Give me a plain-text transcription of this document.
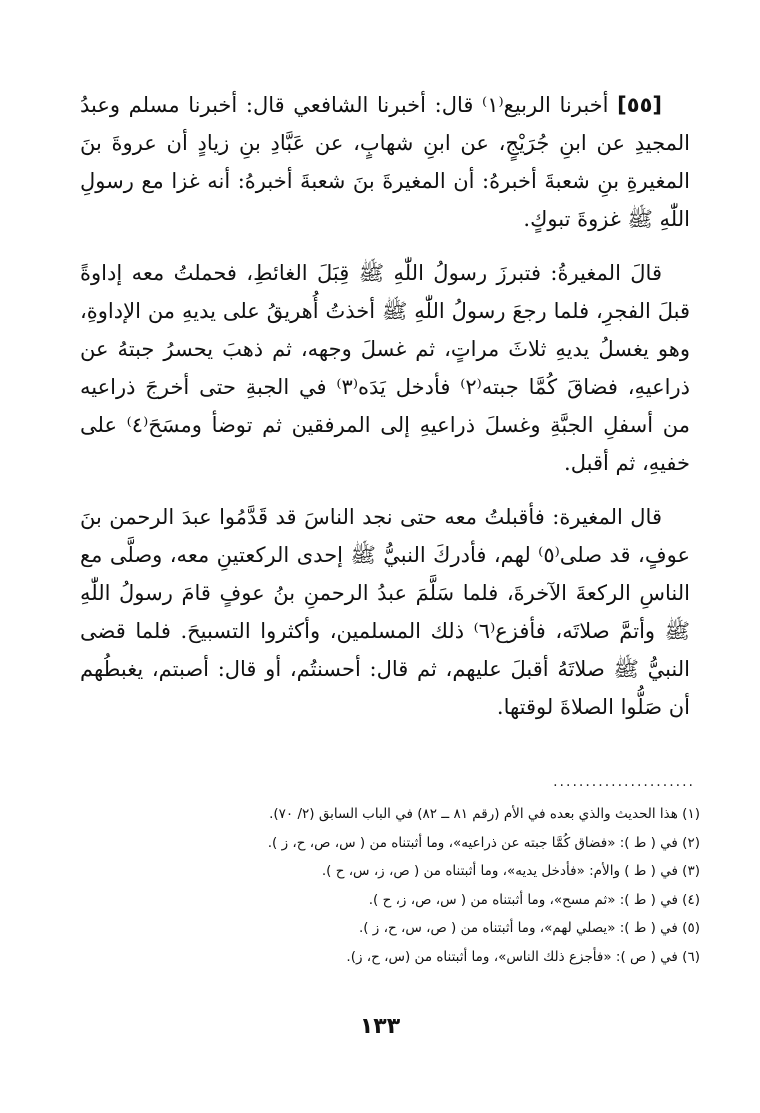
[٥٥] أخبرنا الربيع⁽١⁾ قال: أخبرنا الشافعي قال: أخبرنا مسلم وعبدُ المجيدِ عن ابنِ جُرَيْجٍ، عن ابنِ شهابٍ، عن عَبَّادِ بنِ زيادٍ أن عروةَ بنَ المغيرةِ بنِ شعبةَ أخبرهُ: أن المغيرةَ بنَ شعبةَ أخبرهُ: أنه غزا مع رسولِ اللّٰهِ ﷺ غزوةَ تبوكٍ.

قالَ المغيرةُ: فتبرزَ رسولُ اللّٰهِ ﷺ قِبَلَ الغائطِ، فحملتُ معه إداوةً قبلَ الفجرِ، فلما رجعَ رسولُ اللّٰهِ ﷺ أخذتُ أُهريقُ على يديهِ من الإداوةِ، وهو يغسلُ يديهِ ثلاثَ مراتٍ، ثم غسلَ وجهه، ثم ذهبَ يحسرُ جبتهُ عن ذراعيهِ، فضاقَ كُمَّا جبته⁽٢⁾ فأدخل يَدَه⁽٣⁾ في الجبةِ حتى أخرجَ ذراعيه من أسفلِ الجبَّةِ وغسلَ ذراعيهِ إلى المرفقين ثم توضأ ومسَحَ⁽٤⁾ على خفيهِ، ثم أقبل.

قال المغيرة: فأقبلتُ معه حتى نجد الناسَ قد قَدَّمُوا عبدَ الرحمن بنَ عوفٍ، قد صلى⁽٥⁾ لهم، فأدركَ النبيُّ ﷺ إحدى الركعتينِ معه، وصلَّى مع الناسِ الركعةَ الآخرةَ، فلما سَلَّمَ عبدُ الرحمنِ بنُ عوفٍ قامَ رسولُ اللّٰهِ ﷺ وأتمَّ صلاتَه، فأفزع⁽٦⁾ ذلك المسلمين، وأكثروا التسبيحَ. فلما قضى النبيُّ ﷺ صلاتَهُ أقبلَ عليهم، ثم قال: أحسنتُم، أو قال: أصبتم، يغبطُهم أن صَلُّوا الصلاةَ لوقتها.

......................
(١) هذا الحديث والذي بعده في الأم (رقم ٨١ ــ ٨٢) في الباب السابق (٢/ ٧٠).
(٢) في ( ط ): «فضاق كُمَّا جبته عن ذراعيه»، وما أثبتناه من ( س، ص، ح، ز ).
(٣) في ( ط ) والأم: «فأدخل يديه»، وما أثبتناه من ( ص، ز، س، ح ).
(٤) في ( ط ): «ثم مسح»، وما أثبتناه من ( س، ص، ز، ح ).
(٥) في ( ط ): «يصلي لهم»، وما أثبتناه من ( ص، س، ح، ز ).
(٦) في ( ص ): «فأجزع ذلك الناس»، وما أثبتناه من (س، ح، ز).
١٣٣
